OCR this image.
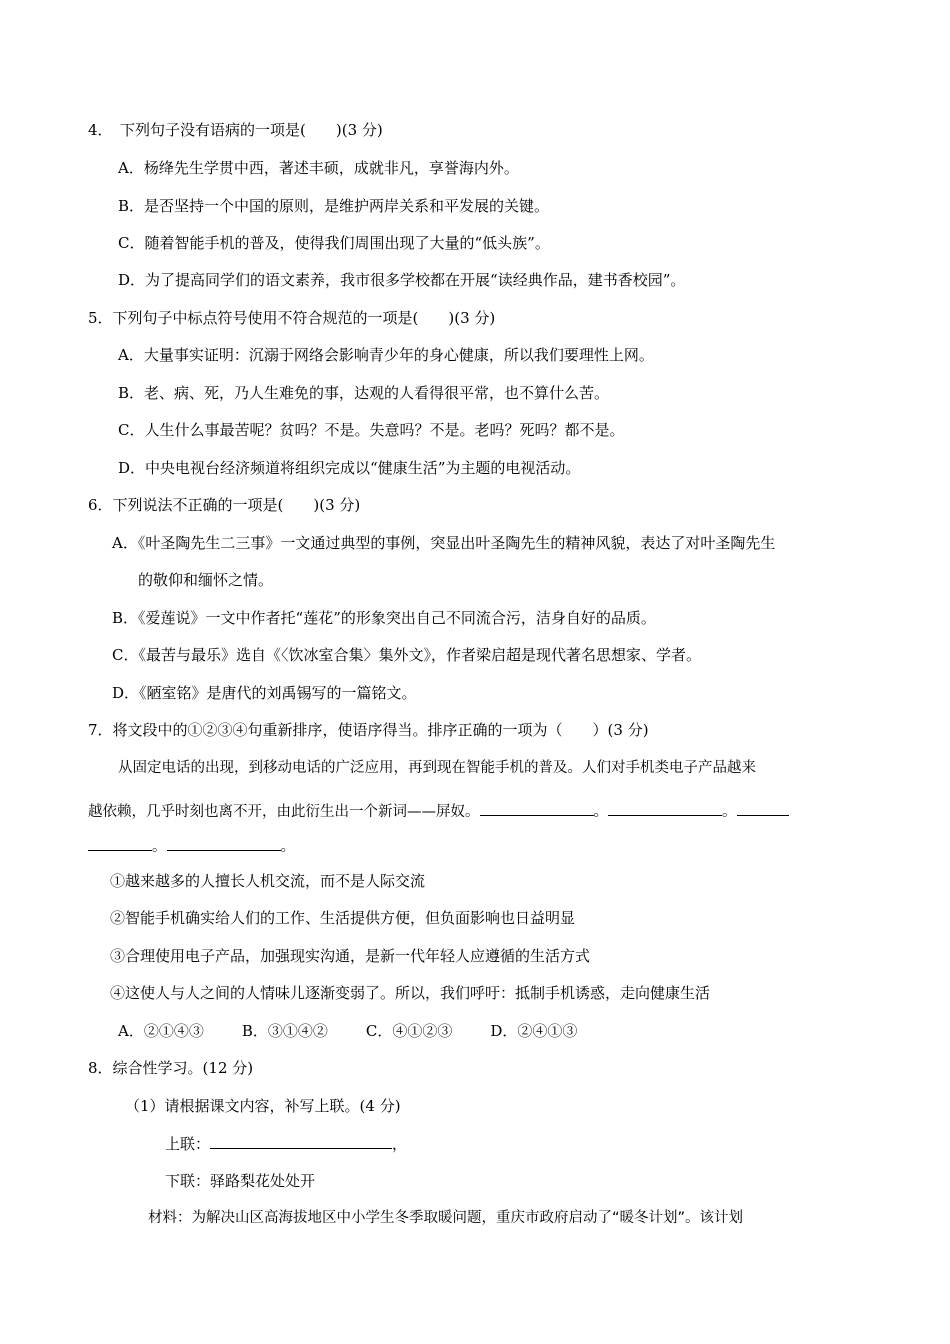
4．　下列句子没有语病的一项是(　　)(3 分)
A．杨绛先生学贯中西，著述丰硕，成就非凡，享誉海内外。
B．是否坚持一个中国的原则，是维护两岸关系和平发展的关键。
C．随着智能手机的普及，使得我们周围出现了大量的“低头族”。
D．为了提高同学们的语文素养，我市很多学校都在开展“读经典作品，建书香校园”。
5．下列句子中标点符号使用不符合规范的一项是(　　)(3 分)
A．大量事实证明：沉溺于网络会影响青少年的身心健康，所以我们要理性上网。
B．老、病、死，乃人生难免的事，达观的人看得很平常，也不算什么苦。
C．人生什么事最苦呢？贫吗？不是。失意吗？不是。老吗？死吗？都不是。
D．中央电视台经济频道将组织完成以“健康生活”为主题的电视活动。
6．下列说法不正确的一项是(　　)(3 分)
A．《叶圣陶先生二三事》一文通过典型的事例，突显出叶圣陶先生的精神风貌，表达了对叶圣陶先生
的敬仰和缅怀之情。
B．《爱莲说》一文中作者托“莲花”的形象突出自己不同流合污，洁身自好的品质。
C．《最苦与最乐》选自《〈饮冰室合集〉集外文》，作者梁启超是现代著名思想家、学者。
D．《陋室铭》是唐代的刘禹锡写的一篇铭文。
7．将文段中的①②③④句重新排序，使语序得当。排序正确的一项为（　　）(3 分)
从固定电话的出现，到移动电话的广泛应用，再到现在智能手机的普及。人们对手机类电子产品越来
越依赖，几乎时刻也离不开，由此衍生出一个新词——屏奴。	。	。
。	。
①越来越多的人擅长人机交流，而不是人际交流
②智能手机确实给人们的工作、生活提供方便，但负面影响也日益明显
③合理使用电子产品，加强现实沟通，是新一代年轻人应遵循的生活方式
④这使人与人之间的人情味儿逐渐变弱了。所以，我们呼吁：抵制手机诱惑，走向健康生活
A．②①④③	B．③①④②	C．④①②③	D．②④①③
8．综合性学习。(12 分)
（1）请根据课文内容，补写上联。(4 分)
上联：	，
下联：驿路梨花处处开
材料：为解决山区高海拔地区中小学生冬季取暖问题，重庆市政府启动了“暖冬计划”。该计划
